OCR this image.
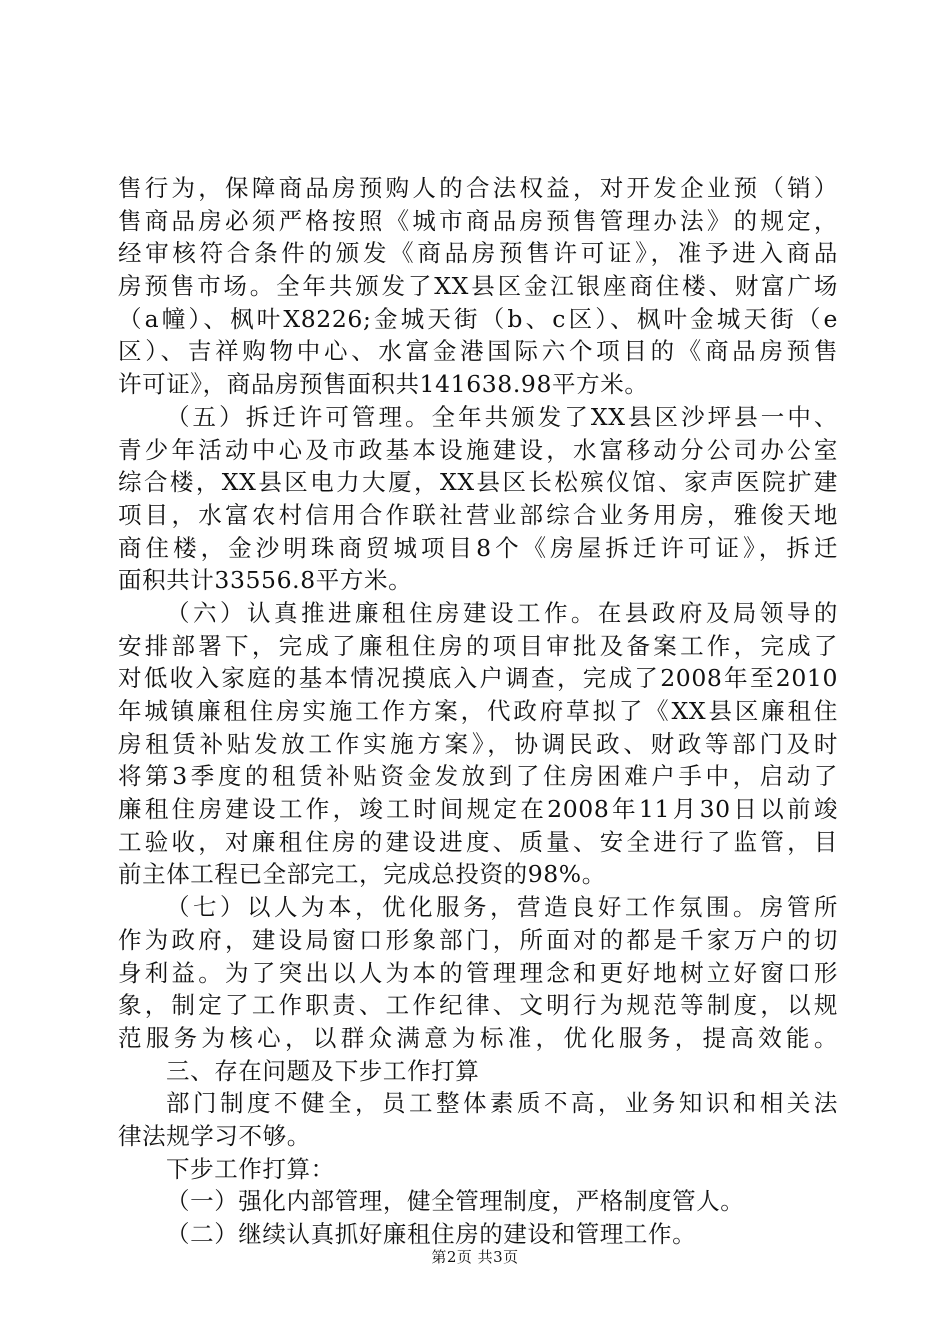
售行为，保障商品房预购人的合法权益，对开发企业预（销）
售商品房必须严格按照《城市商品房预售管理办法》的规定，
经审核符合条件的颁发《商品房预售许可证》，准予进入商品
房预售市场。全年共颁发了XX县区金江银座商住楼、财富广场
（a幢）、枫叶X8226;金城天街（b、c区）、枫叶金城天街（e
区）、吉祥购物中心、水富金港国际六个项目的《商品房预售
许可证》，商品房预售面积共141638.98平方米。
（五）拆迁许可管理。全年共颁发了XX县区沙坪县一中、
青少年活动中心及市政基本设施建设，水富移动分公司办公室
综合楼，XX县区电力大厦，XX县区长松殡仪馆、家声医院扩建
项目，水富农村信用合作联社营业部综合业务用房，雅俊天地
商住楼，金沙明珠商贸城项目8个《房屋拆迁许可证》，拆迁
面积共计33556.8平方米。
（六）认真推进廉租住房建设工作。在县政府及局领导的
安排部署下，完成了廉租住房的项目审批及备案工作，完成了
对低收入家庭的基本情况摸底入户调查，完成了2008年至2010
年城镇廉租住房实施工作方案，代政府草拟了《XX县区廉租住
房租赁补贴发放工作实施方案》，协调民政、财政等部门及时
将第3季度的租赁补贴资金发放到了住房困难户手中，启动了
廉租住房建设工作，竣工时间规定在2008年11月30日以前竣
工验收，对廉租住房的建设进度、质量、安全进行了监管，目
前主体工程已全部完工，完成总投资的98%。
（七）以人为本，优化服务，营造良好工作氛围。房管所
作为政府，建设局窗口形象部门，所面对的都是千家万户的切
身利益。为了突出以人为本的管理理念和更好地树立好窗口形
象，制定了工作职责、工作纪律、文明行为规范等制度，以规
范服务为核心，以群众满意为标准，优化服务，提高效能。
三、存在问题及下步工作打算
部门制度不健全，员工整体素质不高，业务知识和相关法
律法规学习不够。
下步工作打算：
（一）强化内部管理，健全管理制度，严格制度管人。
（二）继续认真抓好廉租住房的建设和管理工作。
第2页 共3页
